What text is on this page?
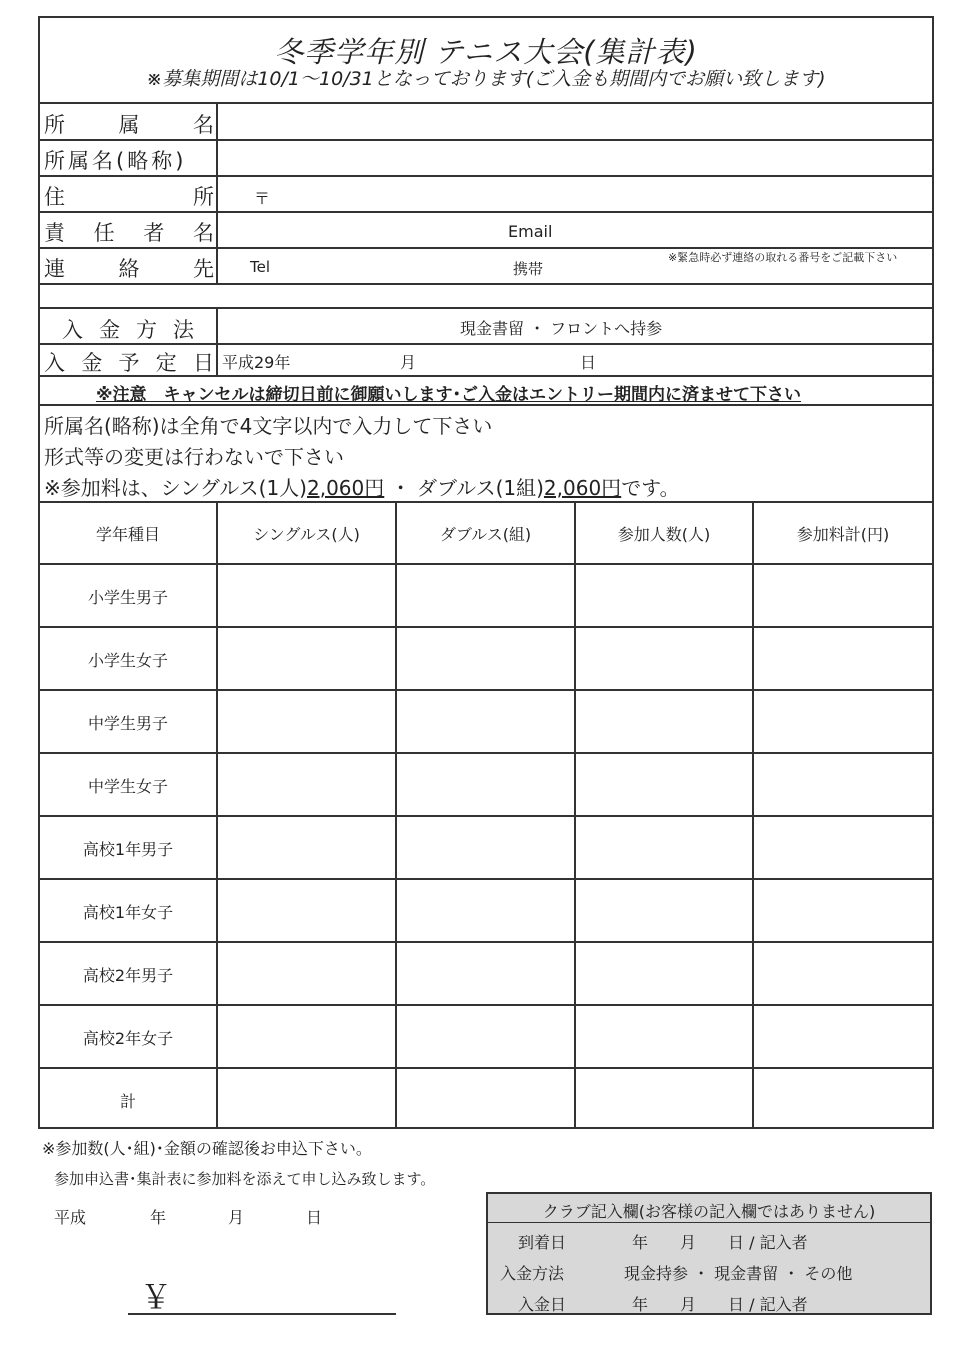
冬季学年別 テニス大会(集計表)
※募集期間は10/1～10/31となっております(ご入金も期間内でお願い致します)
所	属	名
所属名(略称)
住	所	〒
責 任 者 名	Email
連	絡	先 Tel	携帯
※緊急時必ず連絡の取れる番号をご記載下さい
入 金 方 法	現金書留 ・ フロントへ持参
入 金 予 定 日 平成29年	月	日
※注意　キャンセルは締切日前に御願いします･ご入金はエントリー期間内に済ませて下さい
所属名(略称)は全角で4文字以内で入力して下さい
形式等の変更は行わないで下さい
※参加料は、シングルス(1人)2,060円 ・ ダブルス(1組)2,060円です。
学年種目	シングルス(人)	ダブルス(組)	参加人数(人)	参加料計(円)
小学生男子
小学生女子
中学生男子
中学生女子
高校1年男子
高校1年女子
高校2年男子
高校2年女子
計
※参加数(人･組)･金額の確認後お申込下さい。
参加申込書･集計表に参加料を添えて申し込み致します。
平成	年	月	日
￥
クラブ記入欄(お客様の記入欄ではありません)
到着日	年　　月　　日 / 記入者
入金方法	現金持参 ・ 現金書留 ・ その他
入金日	年　　月　　日 / 記入者
